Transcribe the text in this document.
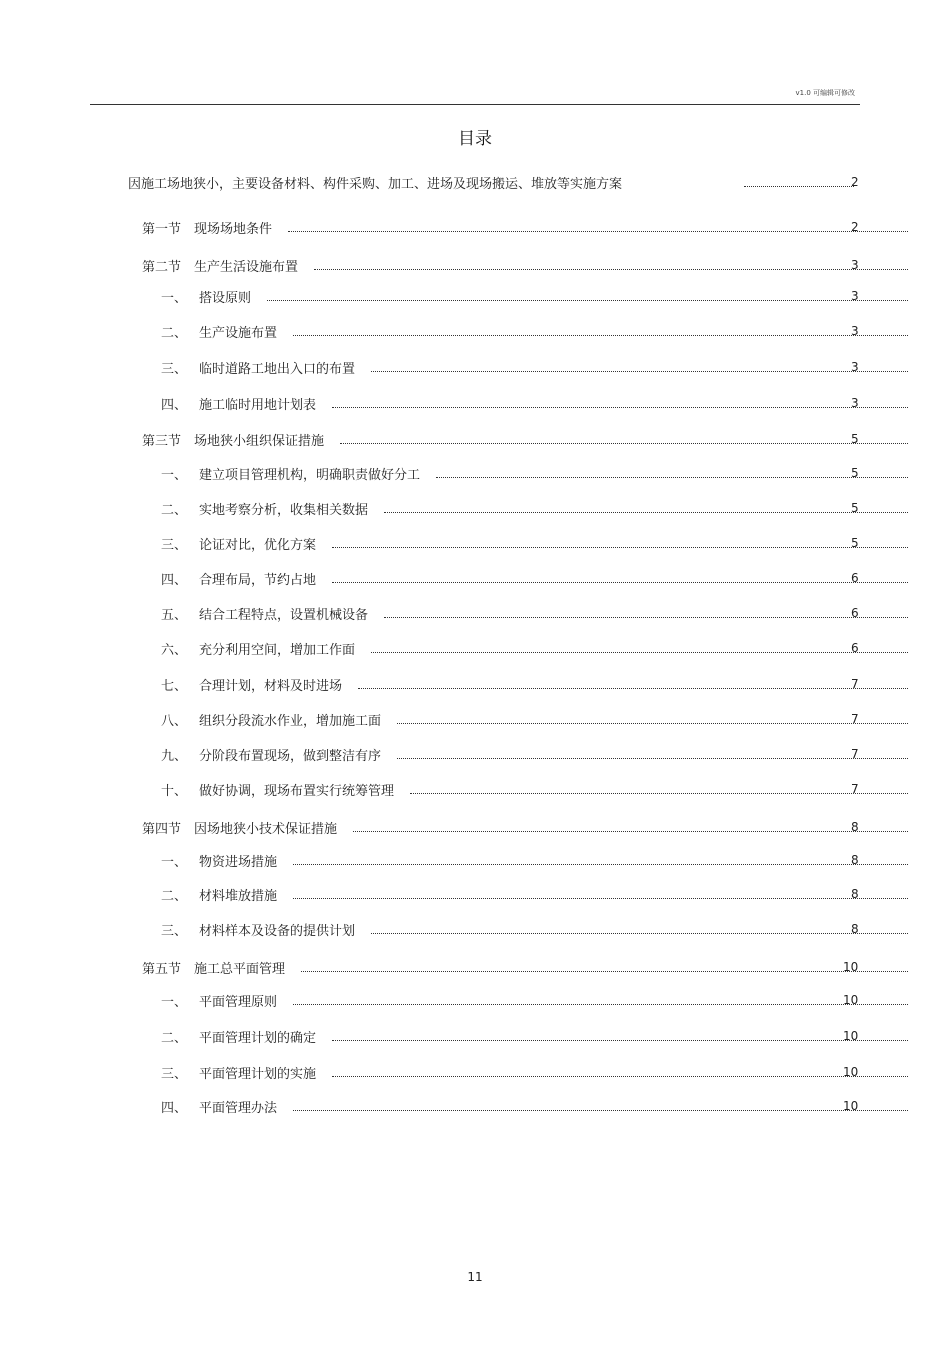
v1.0 可编辑可修改
目录
因施工场地狭小，主要设备材料、构件采购、加工、进场及现场搬运、堆放等实施方案	2
第一节　现场场地条件	2
第二节　生产生活设施布置	3
一、 搭设原则	3
二、 生产设施布置	3
三、 临时道路工地出入口的布置	3
四、 施工临时用地计划表	3
第三节　场地狭小组织保证措施	5
一、 建立项目管理机构，明确职责做好分工	5
二、 实地考察分析，收集相关数据	5
三、 论证对比，优化方案	5
四、 合理布局，节约占地	6
五、 结合工程特点，设置机械设备	6
六、 充分利用空间，增加工作面	6
七、 合理计划，材料及时进场	7
八、 组织分段流水作业，增加施工面	7
九、 分阶段布置现场，做到整洁有序	7
十、 做好协调，现场布置实行统筹管理	7
第四节　因场地狭小技术保证措施	8
一、 物资进场措施	8
二、 材料堆放措施	8
三、 材料样本及设备的提供计划	8
第五节　施工总平面管理	10
一、 平面管理原则	10
二、 平面管理计划的确定	10
三、 平面管理计划的实施	10
四、 平面管理办法	10
11
